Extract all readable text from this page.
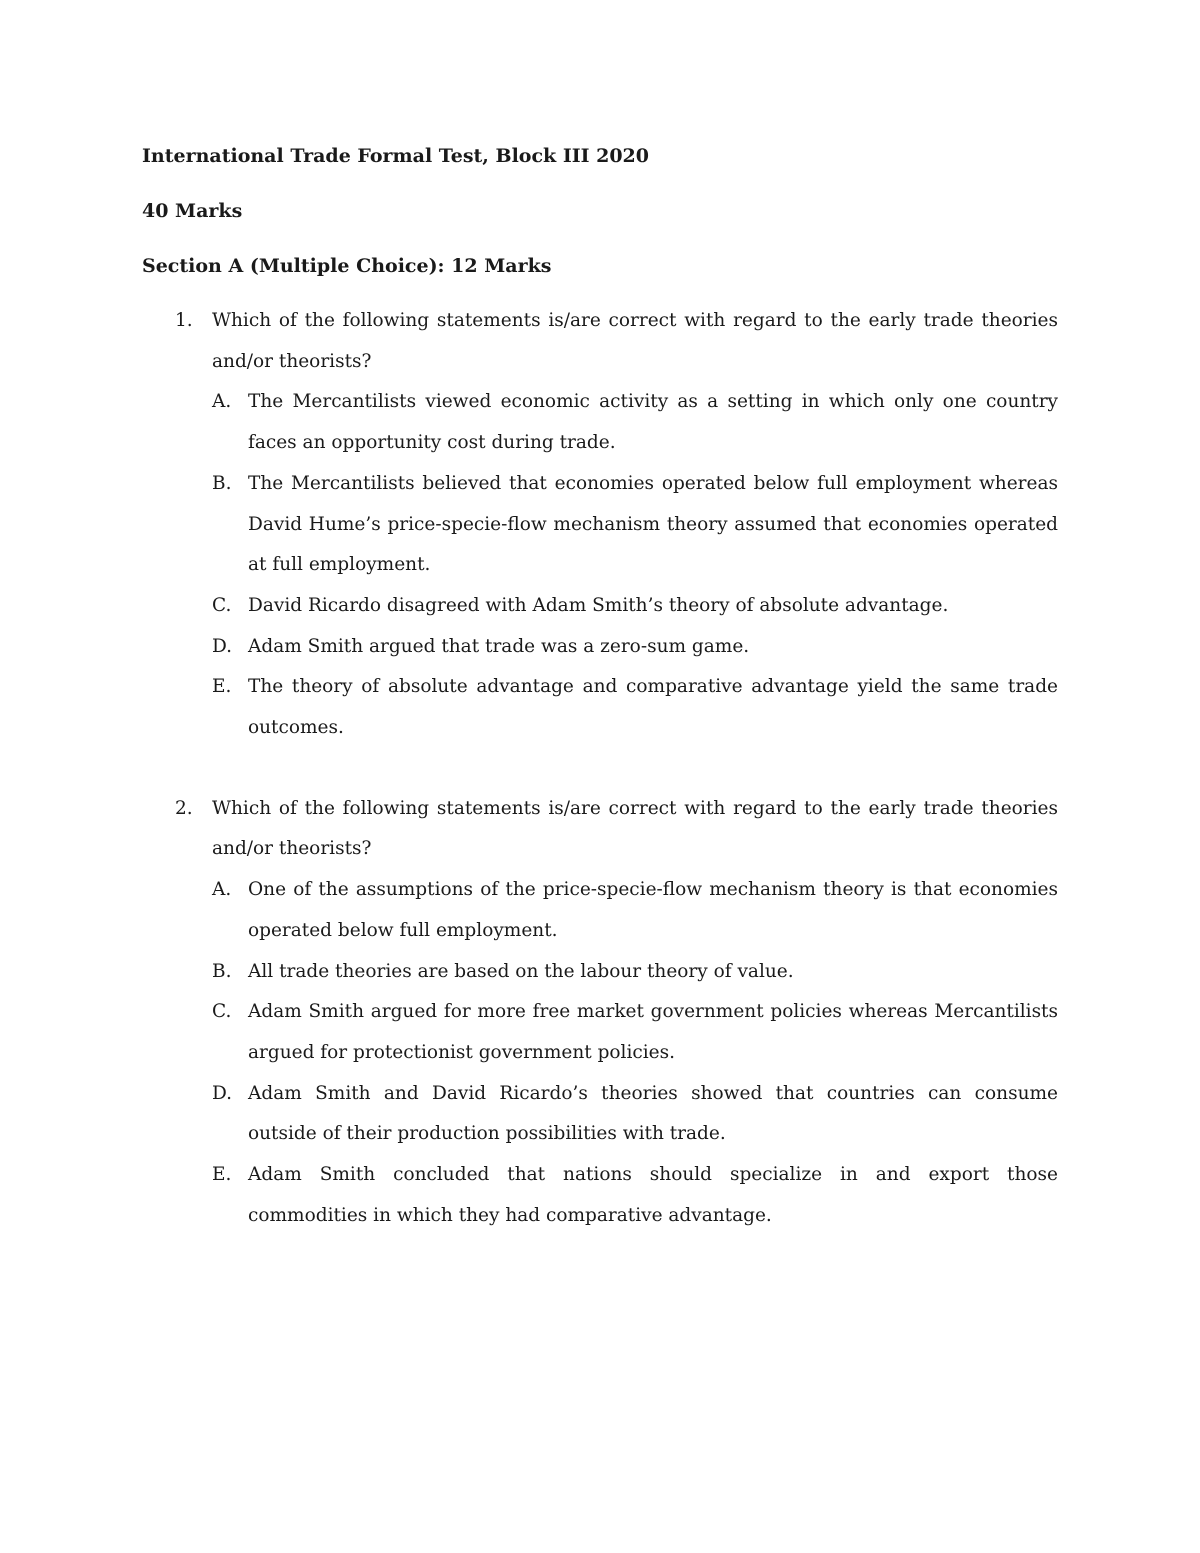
International Trade Formal Test, Block III 2020
40 Marks
Section A (Multiple Choice): 12 Marks
1. Which of the following statements is/are correct with regard to the early trade theories and/or theorists?

A. The Mercantilists viewed economic activity as a setting in which only one country faces an opportunity cost during trade.

B. The Mercantilists believed that economies operated below full employment whereas David Hume’s price-specie-flow mechanism theory assumed that economies operated at full employment.

C. David Ricardo disagreed with Adam Smith’s theory of absolute advantage.

D. Adam Smith argued that trade was a zero-sum game.

E. The theory of absolute advantage and comparative advantage yield the same trade outcomes.

2. Which of the following statements is/are correct with regard to the early trade theories and/or theorists?

A. One of the assumptions of the price-specie-flow mechanism theory is that economies operated below full employment.

B. All trade theories are based on the labour theory of value.

C. Adam Smith argued for more free market government policies whereas Mercantilists argued for protectionist government policies.

D. Adam Smith and David Ricardo’s theories showed that countries can consume outside of their production possibilities with trade.

E. Adam Smith concluded that nations should specialize in and export those commodities in which they had comparative advantage.
